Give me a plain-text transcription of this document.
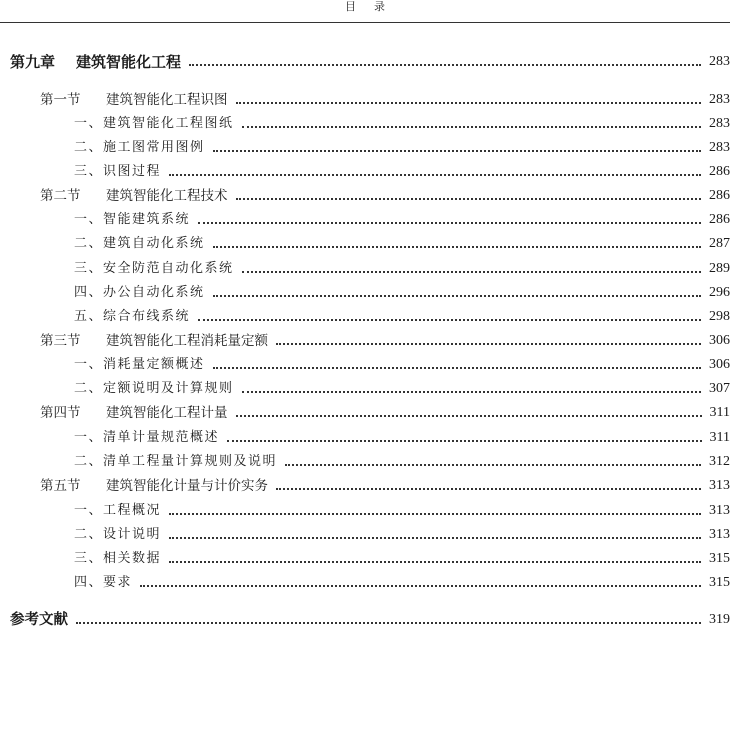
目录
第九章	建筑智能化工程	283
第一节	建筑智能化工程识图	283
一、建筑智能化工程图纸	283
二、施工图常用图例	283
三、识图过程	286
第二节	建筑智能化工程技术	286
一、智能建筑系统	286
二、建筑自动化系统	287
三、安全防范自动化系统	289
四、办公自动化系统	296
五、综合布线系统	298
第三节	建筑智能化工程消耗量定额	306
一、消耗量定额概述	306
二、定额说明及计算规则	307
第四节	建筑智能化工程计量	311
一、清单计量规范概述	311
二、清单工程量计算规则及说明	312
第五节	建筑智能化计量与计价实务	313
一、工程概况	313
二、设计说明	313
三、相关数据	315
四、要求	315
参考文献	319
